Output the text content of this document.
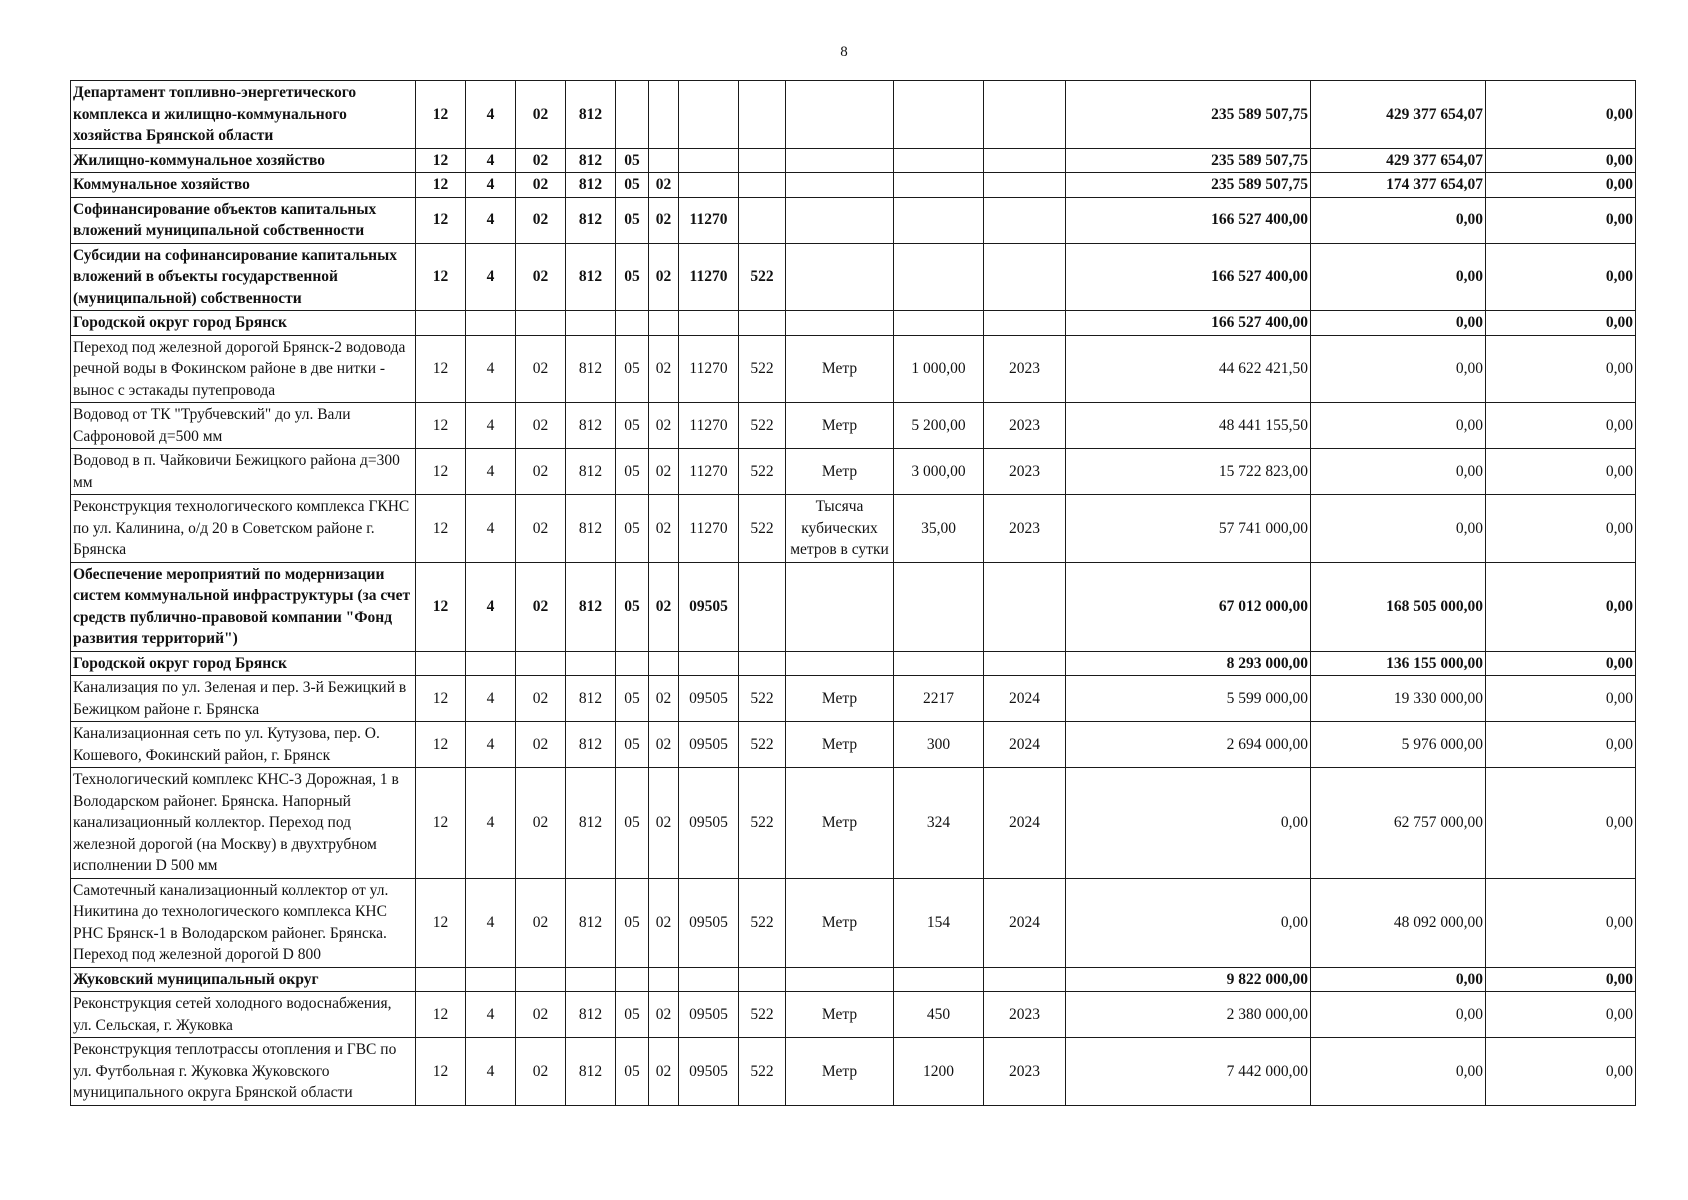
8
Департамент топливно-энергетического комплекса и жилищно-коммунального хозяйства Брянской области	12	4	02	812								235 589 507,75	429 377 654,07	0,00
Жилищно-коммунальное хозяйство	12	4	02	812	05							235 589 507,75	429 377 654,07	0,00
Коммунальное хозяйство	12	4	02	812	05	02						235 589 507,75	174 377 654,07	0,00
Софинансирование объектов капитальных вложений муниципальной собственности	12	4	02	812	05	02	11270					166 527 400,00	0,00	0,00
Субсидии на софинансирование капитальных вложений в объекты государственной (муниципальной) собственности	12	4	02	812	05	02	11270	522				166 527 400,00	0,00	0,00
Городской округ город Брянск												166 527 400,00	0,00	0,00
Переход под железной дорогой Брянск-2 водовода речной воды в Фокинском районе в две нитки - вынос с эстакады путепровода	12	4	02	812	05	02	11270	522	Метр	1 000,00	2023	44 622 421,50	0,00	0,00
Водовод от ТК "Трубчевский" до ул. Вали Сафроновой д=500 мм	12	4	02	812	05	02	11270	522	Метр	5 200,00	2023	48 441 155,50	0,00	0,00
Водовод в п. Чайковичи Бежицкого района д=300 мм	12	4	02	812	05	02	11270	522	Метр	3 000,00	2023	15 722 823,00	0,00	0,00
Реконструкция технологического комплекса ГКНС по ул. Калинина, о/д 20 в Советском районе г. Брянска	12	4	02	812	05	02	11270	522	Тысяча кубических метров в сутки	35,00	2023	57 741 000,00	0,00	0,00
Обеспечение мероприятий по модернизации систем коммунальной инфраструктуры (за счет средств публично-правовой компании "Фонд развития территорий")	12	4	02	812	05	02	09505					67 012 000,00	168 505 000,00	0,00
Городской округ город Брянск												8 293 000,00	136 155 000,00	0,00
Канализация по ул. Зеленая и пер. 3-й Бежицкий в Бежицком районе г. Брянска	12	4	02	812	05	02	09505	522	Метр	2217	2024	5 599 000,00	19 330 000,00	0,00
Канализационная сеть по ул. Кутузова, пер. О. Кошевого, Фокинский район, г. Брянск	12	4	02	812	05	02	09505	522	Метр	300	2024	2 694 000,00	5 976 000,00	0,00
Технологический комплекс КНС-3 Дорожная, 1 в Володарском районег. Брянска. Напорный канализационный коллектор. Переход под железной дорогой (на Москву) в двухтрубном исполнении D 500 мм	12	4	02	812	05	02	09505	522	Метр	324	2024	0,00	62 757 000,00	0,00
Самотечный канализационный коллектор от ул. Никитина до технологического комплекса КНС РНС Брянск-1 в Володарском районег. Брянска. Переход под железной дорогой D 800	12	4	02	812	05	02	09505	522	Метр	154	2024	0,00	48 092 000,00	0,00
Жуковский муниципальный округ												9 822 000,00	0,00	0,00
Реконструкция сетей холодного водоснабжения, ул. Сельская, г. Жуковка	12	4	02	812	05	02	09505	522	Метр	450	2023	2 380 000,00	0,00	0,00
Реконструкция теплотрассы отопления и ГВС по ул. Футбольная г. Жуковка Жуковского муниципального округа Брянской области	12	4	02	812	05	02	09505	522	Метр	1200	2023	7 442 000,00	0,00	0,00
